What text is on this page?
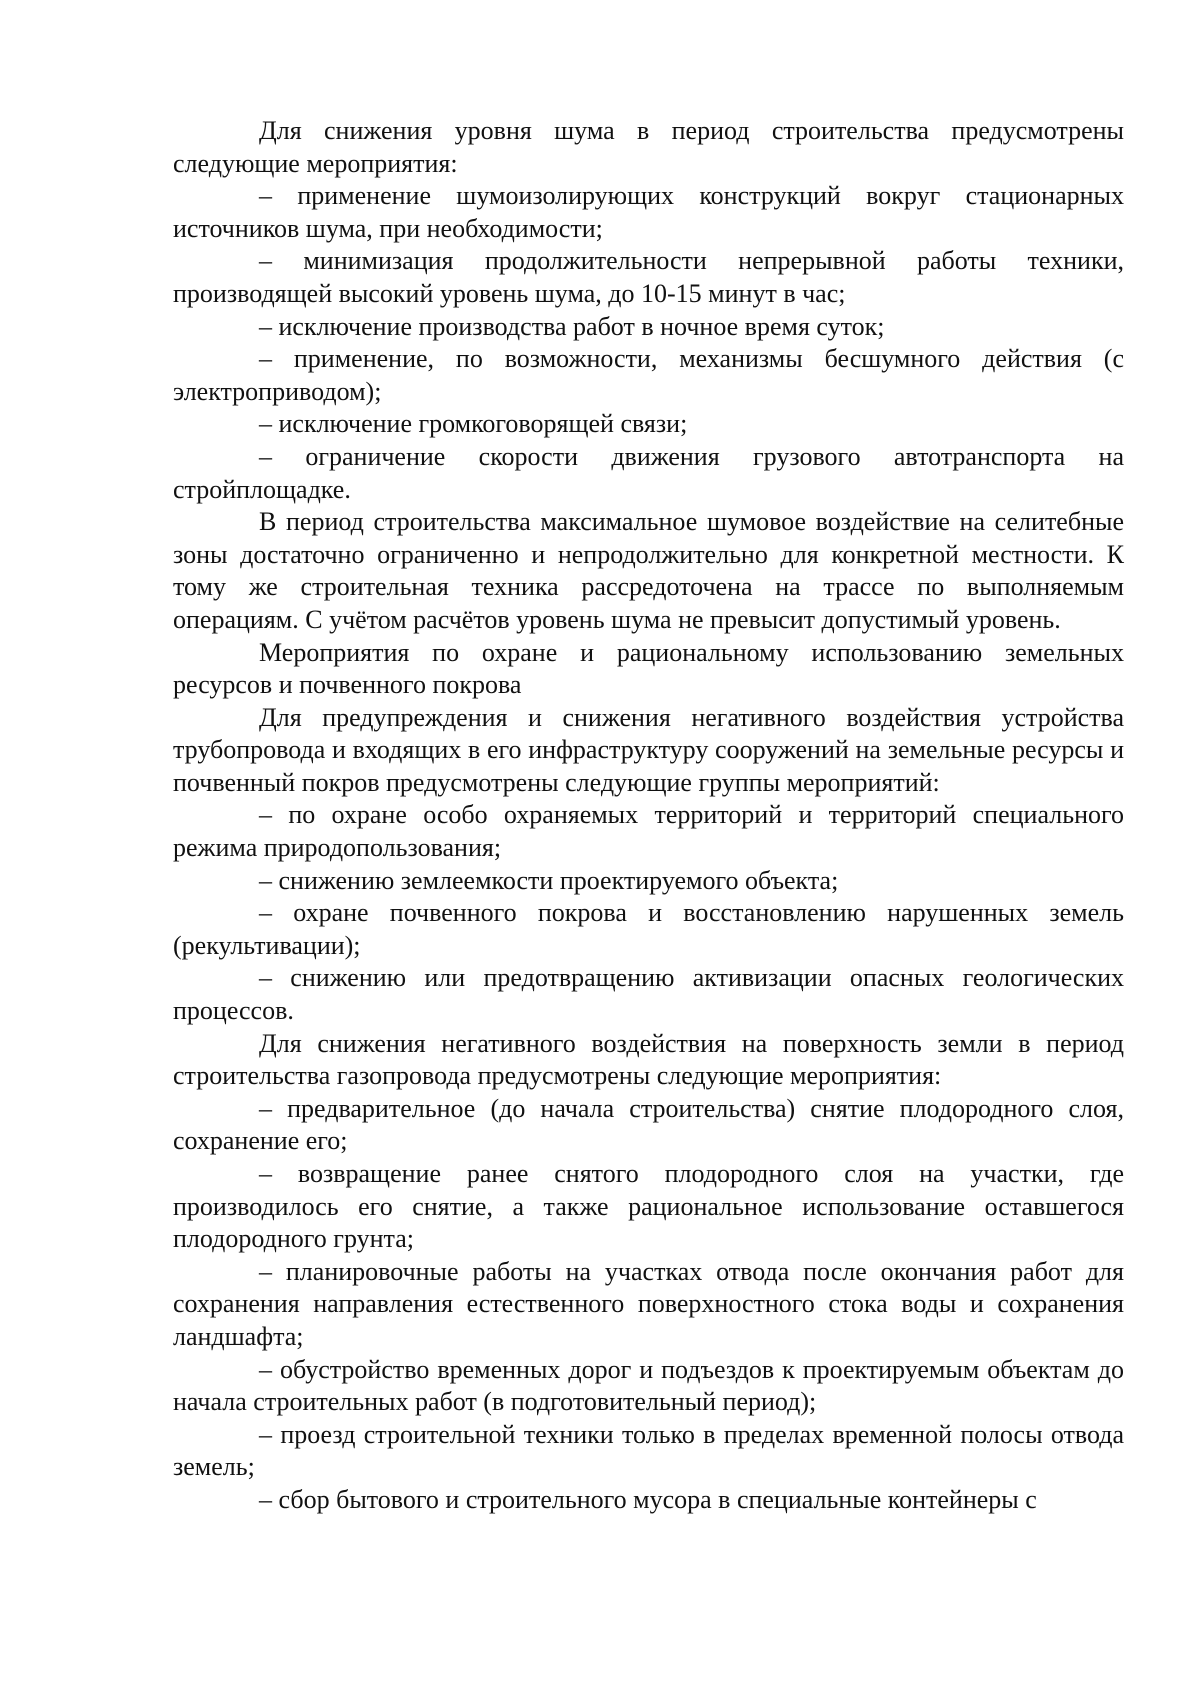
Для снижения уровня шума в период строительства предусмотрены следующие мероприятия:

– применение шумоизолирующих конструкций вокруг стационарных источников шума, при необходимости;

– минимизация продолжительности непрерывной работы техники, производящей высокий уровень шума, до 10-15 минут в час;

– исключение производства работ в ночное время суток;

– применение, по возможности, механизмы бесшумного действия (с электроприводом);

– исключение громкоговорящей связи;

– ограничение скорости движения грузового автотранспорта на стройплощадке.

В период строительства максимальное шумовое воздействие на селитебные зоны достаточно ограниченно и непродолжительно для конкретной местности. К тому же строительная техника рассредоточена на трассе по выполняемым операциям. С учётом расчётов уровень шума не превысит допустимый уровень.

Мероприятия по охране и рациональному использованию земельных ресурсов и почвенного покрова

Для предупреждения и снижения негативного воздействия устройства трубопровода и входящих в его инфраструктуру сооружений на земельные ресурсы и почвенный покров предусмотрены следующие группы мероприятий:

– по охране особо охраняемых территорий и территорий специального режима природопользования;

– снижению землеемкости проектируемого объекта;

– охране почвенного покрова и восстановлению нарушенных земель (рекультивации);

– снижению или предотвращению активизации опасных геологических процессов.

Для снижения негативного воздействия на поверхность земли в период строительства газопровода предусмотрены следующие мероприятия:

– предварительное (до начала строительства) снятие плодородного слоя, сохранение его;

– возвращение ранее снятого плодородного слоя на участки, где производилось его снятие, а также рациональное использование оставшегося плодородного грунта;

– планировочные работы на участках отвода после окончания работ для сохранения направления естественного поверхностного стока воды и сохранения ландшафта;

– обустройство временных дорог и подъездов к проектируемым объектам до начала строительных работ (в подготовительный период);

– проезд строительной техники только в пределах временной полосы отвода земель;

– сбор бытового и строительного мусора в специальные контейнеры с
